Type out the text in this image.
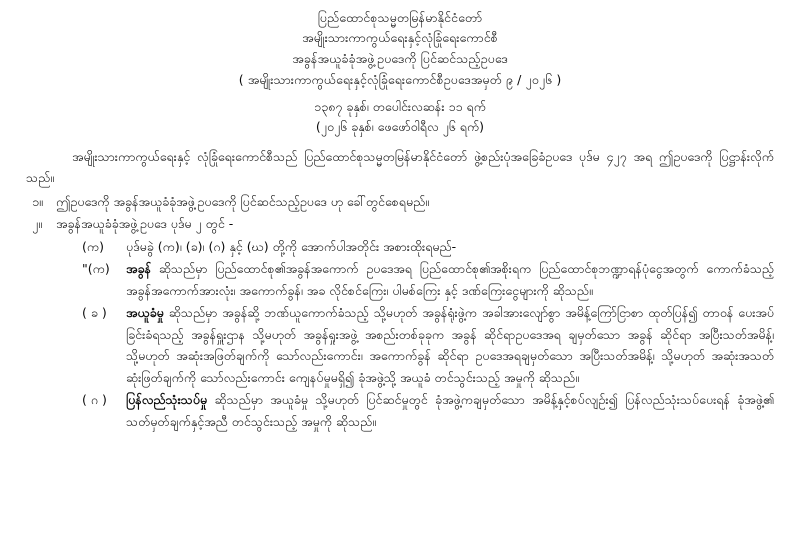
ပြည်ထောင်စုသမ္မတမြန်မာနိုင်ငံတော်
အမျိုးသားကာကွယ်ရေးနှင့်လုံခြုံရေးကောင်စီ
အခွန်အယူခံခုံအဖွဲ့ဥပဒေကို ပြင်ဆင်သည့်ဥပဒေ
( အမျိုးသားကာကွယ်ရေးနှင့်လုံခြုံရေးကောင်စီဥပဒေအမှတ် ၉ / ၂၀၂၆ )
၁၃၈၇ ခုနှစ်၊ တပေါင်းလဆန်း ၁၁ ရက်
(၂၀၂၆ ခုနှစ်၊ ဖေဖော်ဝါရီလ ၂၆ ရက်)

အမျိုးသားကာကွယ်ရေးနှင့် လုံခြုံရေးကောင်စီသည် ပြည်ထောင်စုသမ္မတမြန်မာနိုင်ငံတော် ဖွဲ့စည်းပုံအခြေခံဥပဒေ ပုဒ်မ ၄၂၇ အရ ဤဥပဒေကို ပြဋ္ဌာန်းလိုက်သည်။

၁။	ဤဥပဒေကို အခွန်အယူခံခုံအဖွဲ့ဥပဒေကို ပြင်ဆင်သည့်ဥပဒေ ဟု ခေါ်တွင်စေရမည်။
၂။	အခွန်အယူခံခုံအဖွဲ့ဥပဒေ ပုဒ်မ ၂ တွင် -
(က)	ပုဒ်မခွဲ (က)၊ (ခ)၊ (ဂ) နှင့် (ဃ) တို့ကို အောက်ပါအတိုင်း အစားထိုးရမည်-
"(က)	အခွန် ဆိုသည်မှာ ပြည်ထောင်စု၏အခွန်အကောက် ဥပဒေအရ ပြည်ထောင်စု၏အစိုးရက ပြည်ထောင်စုဘဏ္ဍာရန်ပုံငွေအတွက် ကောက်ခံသည့် အခွန်အကောက်အားလုံး၊ အကောက်ခွန်၊ အခ လိုင်စင်ကြေး၊ ပါမစ်ကြေး နှင့် ဒဏ်ကြေးငွေများကို ဆိုသည်။
( ခ )	အယူခံမှု ဆိုသည်မှာ အခွန်ဆို့ ဘဏ်ယူကောက်ခံသည့် သို့မဟုတ် အခွန်ရုံးဖွဲ့က အခါအားလျော်စွာ အမိန့်ကြော်ငြာစာ ထုတ်ပြန်၍ တာဝန် ပေးအပ်ခြင်းခံရသည့် အခွန်ရှူးဌာန သို့မဟုတ် အခွန်ရှုးအဖွဲ့ အစည်းတစ်ခုခုက အခွန် ဆိုင်ရာဥပဒေအရ ချမှတ်သော အခွန် ဆိုင်ရာ အပြီးသတ်အမိန့်၊ သို့မဟုတ် အဆုံးအဖြတ်ချက်ကို သော်လည်းကောင်း၊ အကောက်ခွန် ဆိုင်ရာ ဥပဒေအရချမှတ်သော အပြီးသတ်အမိန့်၊ သို့မဟုတ် အဆုံးအသတ် ဆုံးဖြတ်ချက်ကို သော်လည်းကောင်း ကျေနပ်မှုမရှိ၍ ခုံအဖွဲ့သို့ အယူခံ တင်သွင်းသည့် အမှုကို ဆိုသည်။
( ဂ )	ပြန်လည်သုံးသပ်မှု ဆိုသည်မှာ အယူခံမှု သို့မဟုတ် ပြင်ဆင်မှုတွင် ခုံအဖွဲ့ကချမှတ်သော အမိန့်နှင့်စပ်လျဉ်း၍ ပြန်လည်သုံးသပ်ပေးရန် ခုံအဖွဲ့၏ သတ်မှတ်ချက်နှင့်အညီ တင်သွင်းသည့် အမှုကို ဆိုသည်။
